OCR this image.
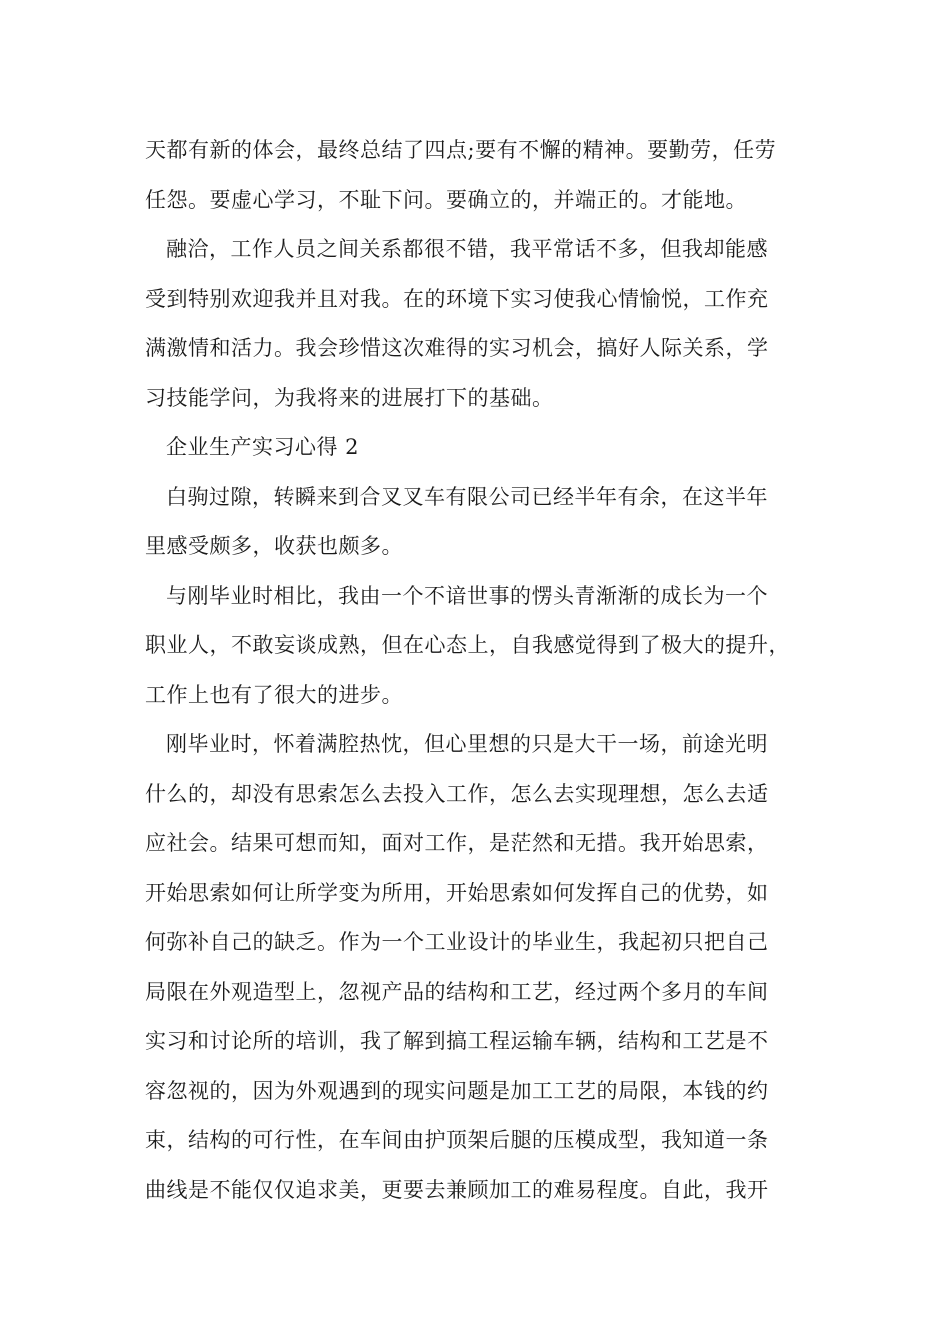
天都有新的体会，最终总结了四点;要有不懈的精神。要勤劳，任劳
任怨。要虚心学习，不耻下问。要确立的，并端正的。才能地。

融洽，工作人员之间关系都很不错，我平常话不多，但我却能感
受到特别欢迎我并且对我。在的环境下实习使我心情愉悦，工作充
满激情和活力。我会珍惜这次难得的实习机会，搞好人际关系，学
习技能学问，为我将来的进展打下的基础。

企业生产实习心得 2

白驹过隙，转瞬来到合叉叉车有限公司已经半年有余，在这半年
里感受颇多，收获也颇多。

与刚毕业时相比，我由一个不谙世事的愣头青渐渐的成长为一个
职业人，不敢妄谈成熟，但在心态上，自我感觉得到了极大的提升，
工作上也有了很大的进步。

刚毕业时，怀着满腔热忱，但心里想的只是大干一场，前途光明
什么的，却没有思索怎么去投入工作，怎么去实现理想，怎么去适
应社会。结果可想而知，面对工作，是茫然和无措。我开始思索，
开始思索如何让所学变为所用，开始思索如何发挥自己的优势，如
何弥补自己的缺乏。作为一个工业设计的毕业生，我起初只把自己
局限在外观造型上，忽视产品的结构和工艺，经过两个多月的车间
实习和讨论所的培训，我了解到搞工程运输车辆，结构和工艺是不
容忽视的，因为外观遇到的现实问题是加工工艺的局限，本钱的约
束，结构的可行性，在车间由护顶架后腿的压模成型，我知道一条
曲线是不能仅仅追求美，更要去兼顾加工的难易程度。自此，我开
